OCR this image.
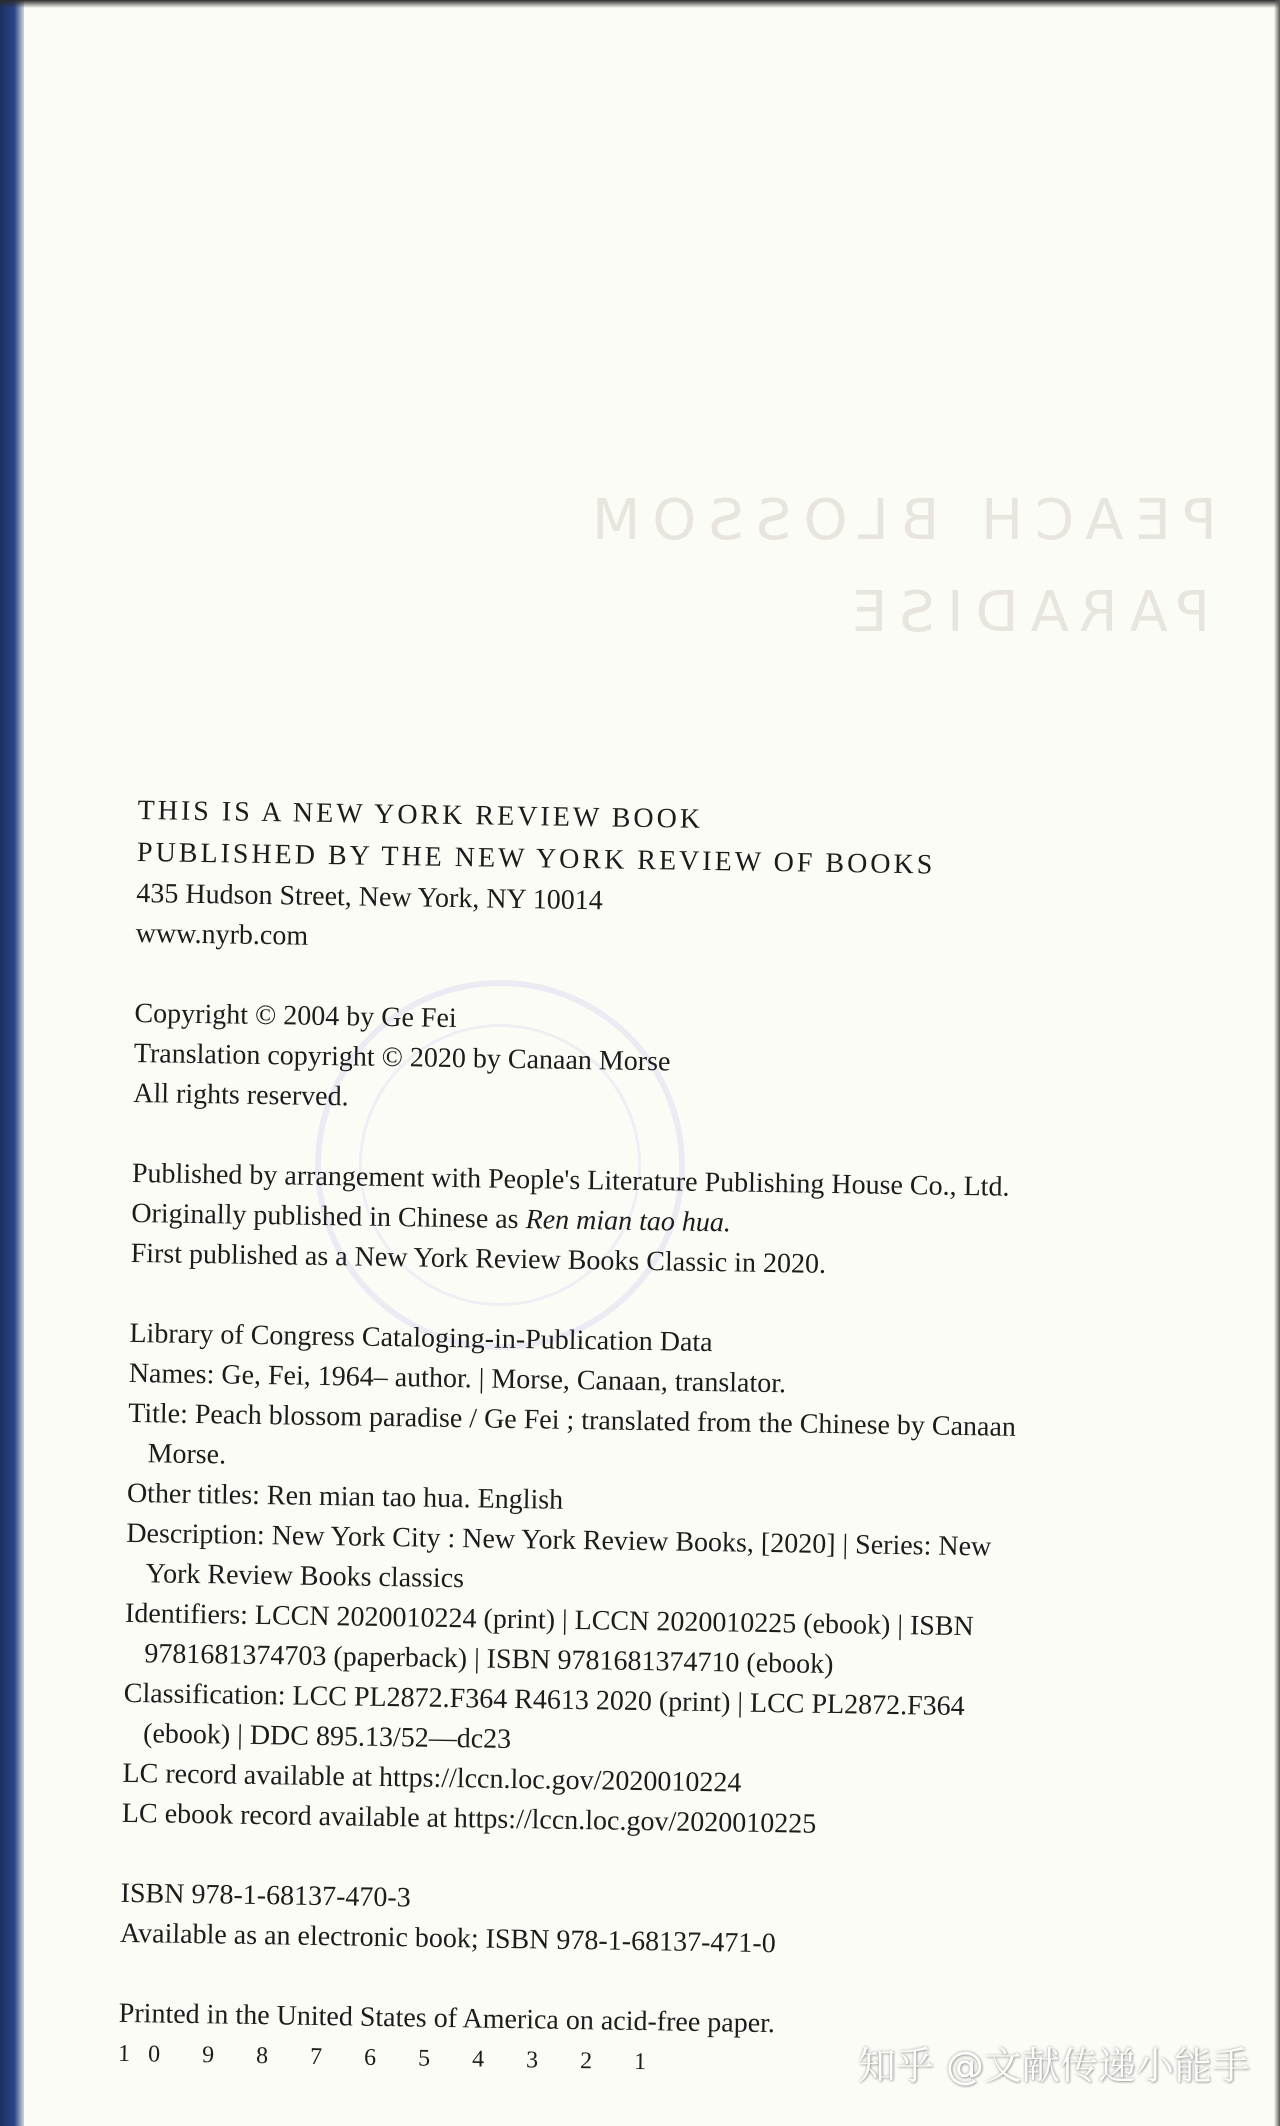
PEACH BLOSSOM
PARADISE
THIS IS A NEW YORK REVIEW BOOK
PUBLISHED BY THE NEW YORK REVIEW OF BOOKS
435 Hudson Street, New York, NY 10014
www.nyrb.com
Copyright © 2004 by Ge Fei
Translation copyright © 2020 by Canaan Morse
All rights reserved.
Published by arrangement with People's Literature Publishing House Co., Ltd.
Originally published in Chinese as Ren mian tao hua.
First published as a New York Review Books Classic in 2020.
Library of Congress Cataloging-in-Publication Data
Names: Ge, Fei, 1964– author. | Morse, Canaan, translator.
Title: Peach blossom paradise / Ge Fei ; translated from the Chinese by Canaan
Morse.
Other titles: Ren mian tao hua. English
Description: New York City : New York Review Books, [2020] | Series: New
York Review Books classics
Identifiers: LCCN 2020010224 (print) | LCCN 2020010225 (ebook) | ISBN
9781681374703 (paperback) | ISBN 9781681374710 (ebook)
Classification: LCC PL2872.F364 R4613 2020 (print) | LCC PL2872.F364
(ebook) | DDC 895.13/52—dc23
LC record available at https://lccn.loc.gov/2020010224
LC ebook record available at https://lccn.loc.gov/2020010225
ISBN 978-1-68137-470-3
Available as an electronic book; ISBN 978-1-68137-471-0
Printed in the United States of America on acid-free paper.
10 9 8 7 6 5 4 3 2 1	知乎 @文献传递小能手
